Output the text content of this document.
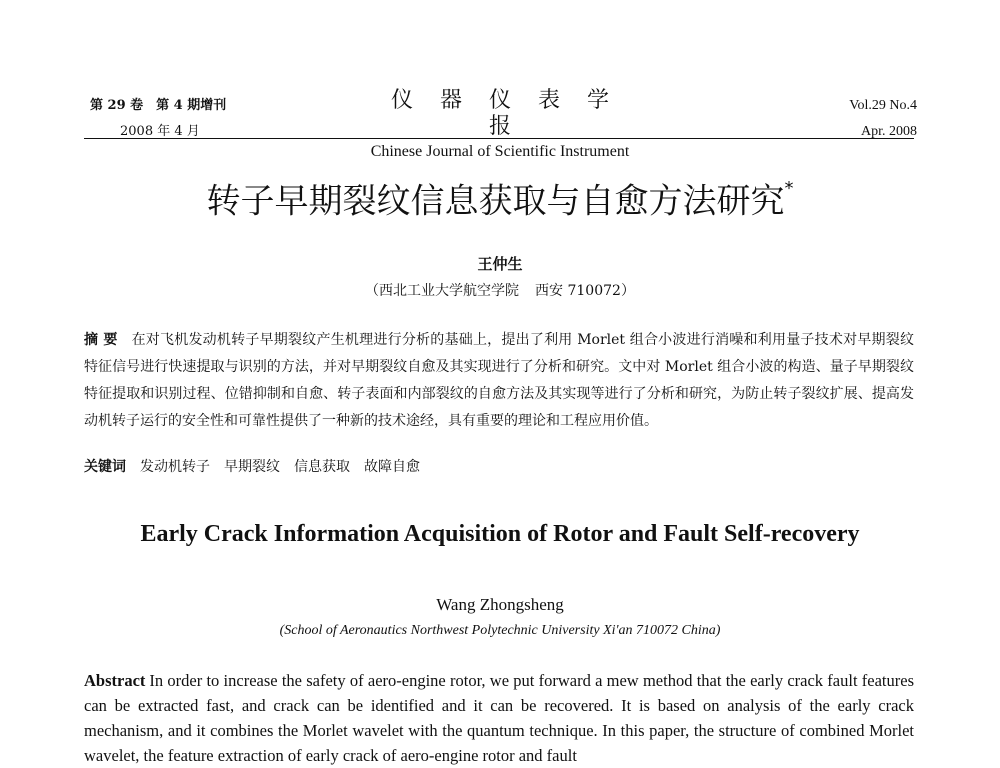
第 29 卷　第 4 期增刊
2008 年 4 月
仪器仪表学报
Chinese Journal of Scientific Instrument
Vol.29 No.4
Apr. 2008
转子早期裂纹信息获取与自愈方法研究*
王仲生
（西北工业大学航空学院 西安 710072）
摘 要 在对飞机发动机转子早期裂纹产生机理进行分析的基础上，提出了利用 Morlet 组合小波进行消噪和利用量子技术对早期裂纹特征信号进行快速提取与识别的方法，并对早期裂纹自愈及其实现进行了分析和研究。文中对 Morlet 组合小波的构造、量子早期裂纹特征提取和识别过程、位错抑制和自愈、转子表面和内部裂纹的自愈方法及其实现等进行了分析和研究，为防止转子裂纹扩展、提高发动机转子运行的安全性和可靠性提供了一种新的技术途经，具有重要的理论和工程应用价值。
关键词 发动机转子 早期裂纹 信息获取 故障自愈
Early Crack Information Acquisition of Rotor and Fault Self-recovery
Wang Zhongsheng
(School of Aeronautics Northwest Polytechnic University Xi'an 710072 China)
Abstract In order to increase the safety of aero-engine rotor, we put forward a mew method that the early crack fault features can be extracted fast, and crack can be identified and it can be recovered. It is based on analysis of the early crack mechanism, and it combines the Morlet wavelet with the quantum technique. In this paper, the structure of combined Morlet wavelet, the feature extraction of early crack of aero-engine rotor and fault
